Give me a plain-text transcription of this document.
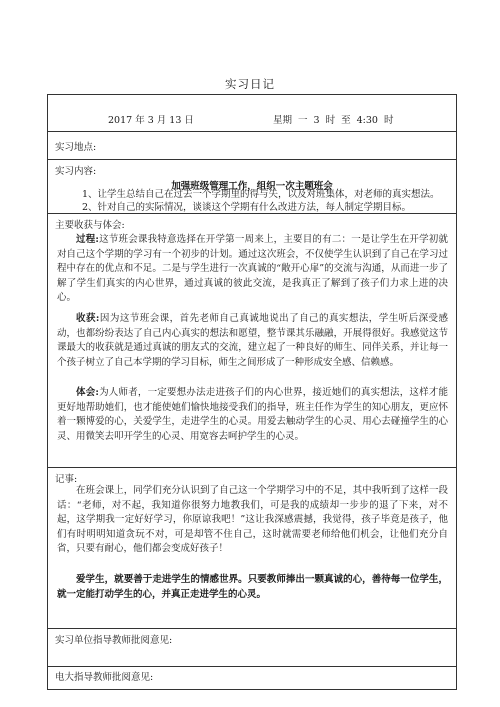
实习日记
2017 年 3 月 13 日	星期 一 3 时 至 4:30 时
实习地点:
实习内容:
加强班级管理工作，组织一次主题班会
1、让学生总结自己在过去一个学期里的得与失，以及对班集体，对老师的真实想法。
2、针对自己的实际情况，谈谈这个学期有什么改进方法，每人制定学期目标。
主要收获与体会:
过程:这节班会课我特意选择在开学第一周来上，主要目的有二：一是让学生在开学初就对自己这个学期的学习有一个初步的计划。通过这次班会，不仅使学生认识到了自己在学习过程中存在的优点和不足。二是与学生进行一次真诚的“敞开心扉”的交流与沟通，从而进一步了解了学生们真实的内心世界，通过真诚的彼此交流，是我真正了解到了孩子们力求上进的决心。
收获:因为这节班会课，首先老师自己真诚地说出了自己的真实想法，学生听后深受感动，也都纷纷表达了自己内心真实的想法和愿望，整节课其乐融融，开展得很好。我感觉这节课最大的收获就是通过真诚的朋友式的交流，建立起了一种良好的师生、同伴关系，并让每一个孩子树立了自己本学期的学习目标，师生之间形成了一种形成安全感、信赖感。
体会:为人师者，一定要想办法走进孩子们的内心世界，接近她们的真实想法，这样才能更好地帮助她们，也才能使她们愉快地接受我们的指导，班主任作为学生的知心朋友，更应怀着一颗博爱的心，关爱学生，走进学生的心灵。用爱去触动学生的心灵、用心去碰撞学生的心灵、用微笑去叩开学生的心灵、用宽容去呵护学生的心灵。
记事:
在班会课上，同学们充分认识到了自己这一个学期学习中的不足，其中我听到了这样一段话：“老师，对不起，我知道你很努力地教我们，可是我的成绩却一步步的退了下来，对不起，这学期我一定好好学习，你原谅我吧！”这让我深感震撼，我觉得，孩子毕竟是孩子，他们有时明明知道贪玩不对，可是却管不住自己，这时就需要老师给他们机会，让他们充分自省，只要有耐心，他们都会变成好孩子！
爱学生，就要善于走进学生的情感世界。只要教师捧出一颗真诚的心，善待每一位学生，就一定能打动学生的心，并真正走进学生的心灵。
实习单位指导教师批阅意见:
电大指导教师批阅意见:
